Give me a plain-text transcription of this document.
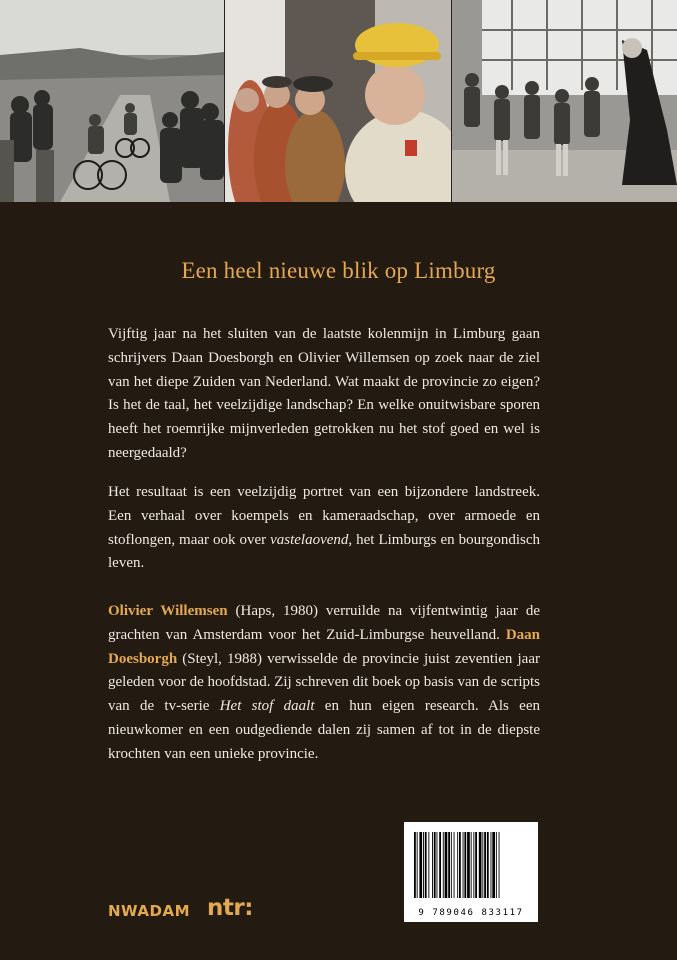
Een heel nieuwe blik op Limburg
Vijftig jaar na het sluiten van de laatste kolenmijn in Limburg gaan schrijvers Daan Doesborgh en Olivier Willemsen op zoek naar de ziel van het diepe Zuiden van Nederland. Wat maakt de provincie zo eigen? Is het de taal, het veelzijdige landschap? En welke onuitwisbare sporen heeft het roemrijke mijnverleden getrokken nu het stof goed en wel is neergedaald?
Het resultaat is een veelzijdig portret van een bijzondere landstreek. Een verhaal over koempels en kameraadschap, over armoede en stoflongen, maar ook over vastelaovend, het Limburgs en bourgondisch leven.
Olivier Willemsen (Haps, 1980) verruilde na vijfentwintig jaar de grachten van Amsterdam voor het Zuid-Limburgse heuvelland. Daan Doesborgh (Steyl, 1988) verwisselde de provincie juist zeventien jaar geleden voor de hoofdstad. Zij schreven dit boek op basis van de scripts van de tv-serie Het stof daalt en hun eigen research. Als een nieuwkomer en een oudgediende dalen zij samen af tot in de diepste krochten van een unieke provincie.
9 789046 833117
NWADAM ntr:
